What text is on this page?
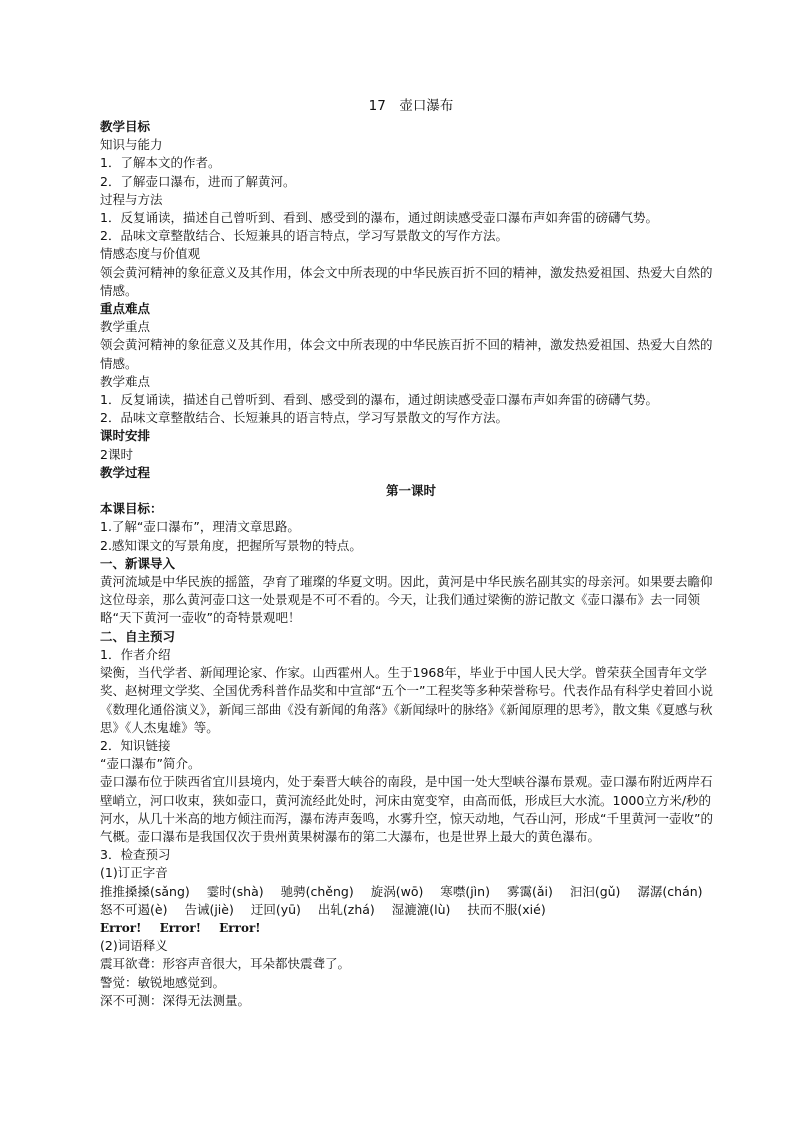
17　壶口瀑布
教学目标
知识与能力
1．了解本文的作者。
2．了解壶口瀑布，进而了解黄河。
过程与方法
1．反复诵读，描述自己曾听到、看到、感受到的瀑布，通过朗读感受壶口瀑布声如奔雷的磅礴气势。
2．品味文章整散结合、长短兼具的语言特点，学习写景散文的写作方法。
情感态度与价值观
领会黄河精神的象征意义及其作用，体会文中所表现的中华民族百折不回的精神，激发热爱祖国、热爱大自然的情感。
重点难点
教学重点
领会黄河精神的象征意义及其作用，体会文中所表现的中华民族百折不回的精神，激发热爱祖国、热爱大自然的情感。
教学难点
1．反复诵读，描述自己曾听到、看到、感受到的瀑布，通过朗读感受壶口瀑布声如奔雷的磅礴气势。
2．品味文章整散结合、长短兼具的语言特点，学习写景散文的写作方法。
课时安排
2课时
教学过程
第一课时
本课目标：
1.了解“壶口瀑布”，理清文章思路。
2.感知课文的写景角度，把握所写景物的特点。
一、新课导入
黄河流域是中华民族的摇篮，孕育了璀璨的华夏文明。因此，黄河是中华民族名副其实的母亲河。如果要去瞻仰这位母亲，那么黄河壶口这一处景观是不可不看的。今天，让我们通过梁衡的游记散文《壶口瀑布》去一同领略“天下黄河一壶收”的奇特景观吧！
二、自主预习
1．作者介绍
梁衡，当代学者、新闻理论家、作家。山西霍州人。生于1968年，毕业于中国人民大学。曾荣获全国青年文学奖、赵树理文学奖、全国优秀科普作品奖和中宣部“五个一”工程奖等多种荣誉称号。代表作品有科学史着回小说《数理化通俗演义》，新闻三部曲《没有新闻的角落》《新闻绿叶的脉络》《新闻原理的思考》，散文集《夏感与秋思》《人杰鬼雄》等。
2．知识链接
“壶口瀑布”简介。
壶口瀑布位于陕西省宜川县境内，处于秦晋大峡谷的南段，是中国一处大型峡谷瀑布景观。壶口瀑布附近两岸石壁峭立，河口收束，狭如壶口，黄河流经此处时，河床由宽变窄，由高而低，形成巨大水流。1000立方米/秒的河水，从几十米高的地方倾注而泻，瀑布涛声轰鸣，水雾升空，惊天动地，气吞山河，形成“千里黄河一壶收”的气概。壶口瀑布是我国仅次于贵州黄果树瀑布的第二大瀑布，也是世界上最大的黄色瀑布。
3．检查预习
(1)订正字音
推推搡搡(sǎng) 霎时(shà) 驰骋(chěng) 旋涡(wō) 寒噤(jìn) 雾霭(ǎi) 汩汩(gǔ) 潺潺(chán)
怒不可遏(è) 告诫(jiè) 迂回(yū) 出轧(zhá) 湿漉漉(lù) 扶而不服(xié)
Error! Error! Error!
(2)词语释义
震耳欲聋：形容声音很大，耳朵都快震聋了。
警觉：敏锐地感觉到。
深不可测：深得无法测量。
